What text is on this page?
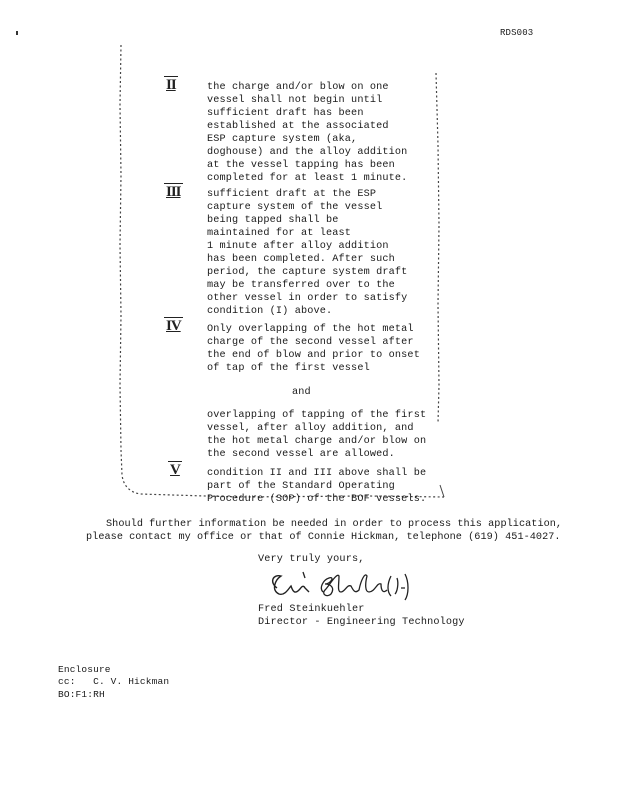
RDS003
II	the charge and/or blow on one
vessel shall not begin until
sufficient draft has been
established at the associated
ESP capture system (aka,
doghouse) and the alloy addition
at the vessel tapping has been
completed for at least 1 minute.
III	sufficient draft at the ESP
capture system of the vessel
being tapped shall be
maintained for at least
1 minute after alloy addition
has been completed. After such
period, the capture system draft
may be transferred over to the
other vessel in order to satisfy
condition (I) above.
IV	Only overlapping of the hot metal
charge of the second vessel after
the end of blow and prior to onset
of tap of the first vessel
and
overlapping of tapping of the first
vessel, after alloy addition, and
the hot metal charge and/or blow on
the second vessel are allowed.
V	condition II and III above shall be
part of the Standard Operating
Procedure (SOP) of the BOF vessels.
Should further information be needed in order to process this application,
please contact my office or that of Connie Hickman, telephone (619) 451-4027.
Very truly yours,
Fred Steinkuehler
Director - Engineering Technology
Enclosure
cc:   C. V. Hickman
BO:F1:RH
